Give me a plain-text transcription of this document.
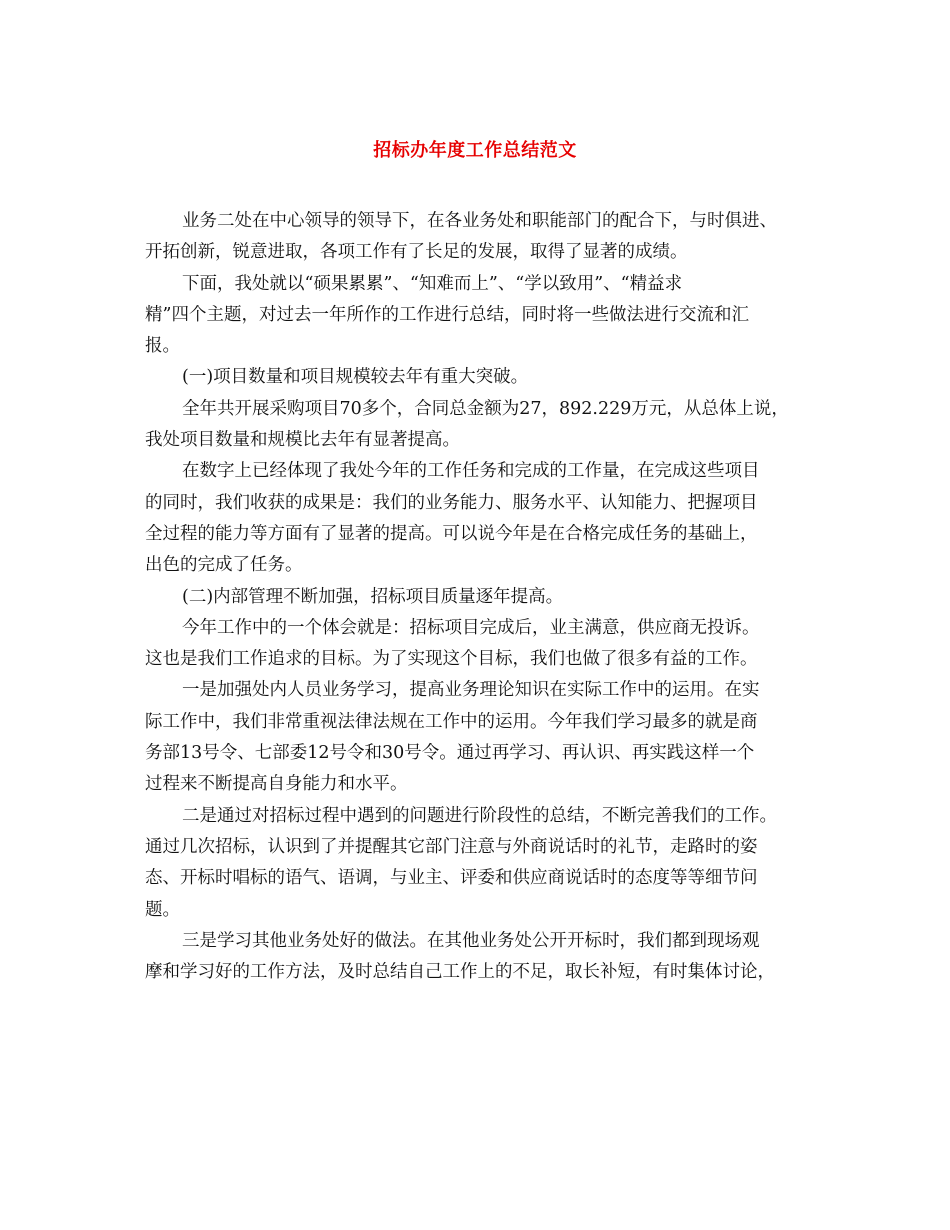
招标办年度工作总结范文
业务二处在中心领导的领导下，在各业务处和职能部门的配合下，与时俱进、
开拓创新，锐意进取，各项工作有了长足的发展，取得了显著的成绩。
下面，我处就以“硕果累累”、“知难而上”、“学以致用”、“精益求
精”四个主题，对过去一年所作的工作进行总结，同时将一些做法进行交流和汇
报。
(一)项目数量和项目规模较去年有重大突破。
全年共开展采购项目70多个，合同总金额为27，892.229万元，从总体上说，
我处项目数量和规模比去年有显著提高。
在数字上已经体现了我处今年的工作任务和完成的工作量，在完成这些项目
的同时，我们收获的成果是：我们的业务能力、服务水平、认知能力、把握项目
全过程的能力等方面有了显著的提高。可以说今年是在合格完成任务的基础上，
出色的完成了任务。
(二)内部管理不断加强，招标项目质量逐年提高。
今年工作中的一个体会就是：招标项目完成后，业主满意，供应商无投诉。
这也是我们工作追求的目标。为了实现这个目标，我们也做了很多有益的工作。
一是加强处内人员业务学习，提高业务理论知识在实际工作中的运用。在实
际工作中，我们非常重视法律法规在工作中的运用。今年我们学习最多的就是商
务部13号令、七部委12号令和30号令。通过再学习、再认识、再实践这样一个
过程来不断提高自身能力和水平。
二是通过对招标过程中遇到的问题进行阶段性的总结，不断完善我们的工作。
通过几次招标，认识到了并提醒其它部门注意与外商说话时的礼节，走路时的姿
态、开标时唱标的语气、语调，与业主、评委和供应商说话时的态度等等细节问
题。
三是学习其他业务处好的做法。在其他业务处公开开标时，我们都到现场观
摩和学习好的工作方法，及时总结自己工作上的不足，取长补短，有时集体讨论，
